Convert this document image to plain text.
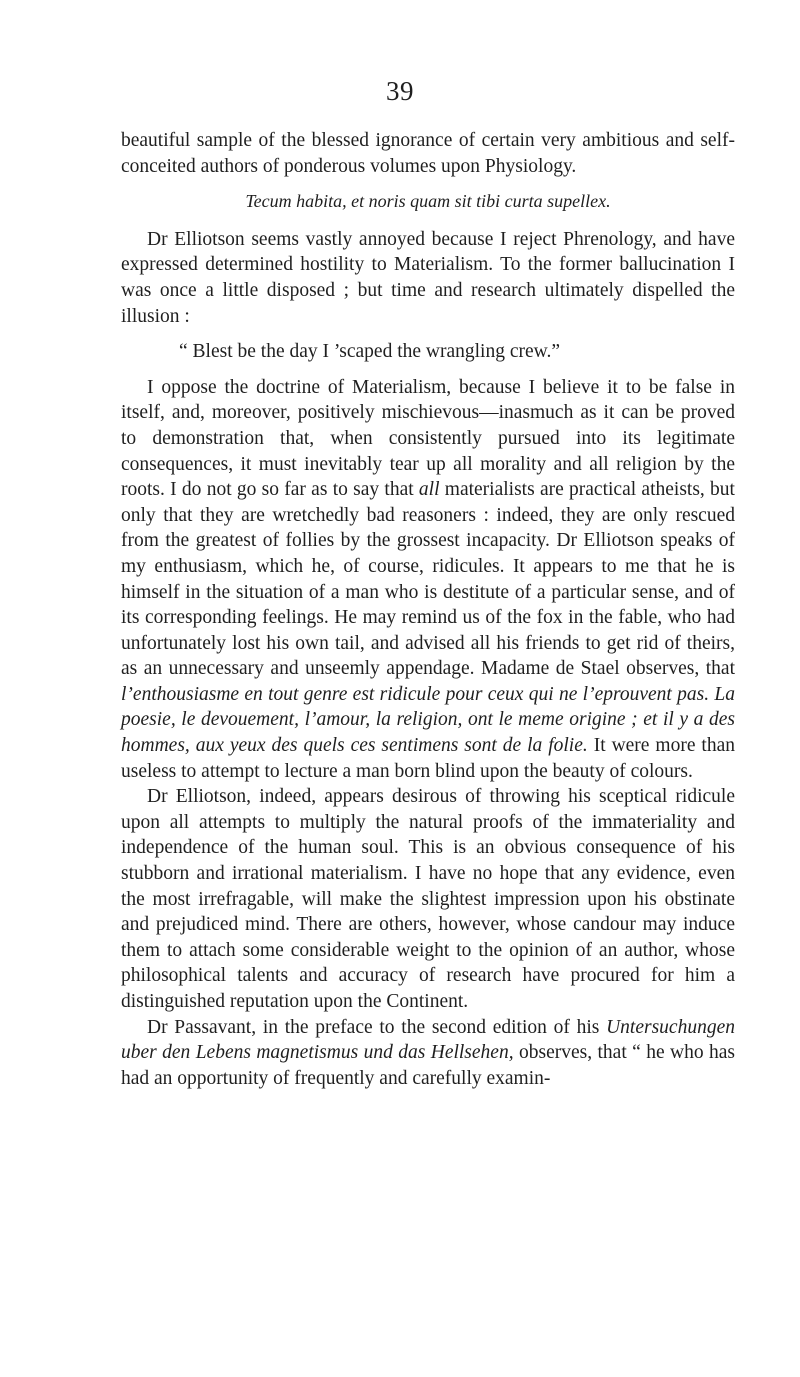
39

beautiful sample of the blessed ignorance of certain very ambitious and self-conceited authors of ponderous volumes upon Physiology.

Tecum habita, et noris quam sit tibi curta supellex.

Dr Elliotson seems vastly annoyed because I reject Phrenology, and have expressed determined hostility to Materialism. To the former ballucination I was once a little disposed ; but time and research ultimately dispelled the illusion :

“ Blest be the day I ’scaped the wrangling crew.”

I oppose the doctrine of Materialism, because I believe it to be false in itself, and, moreover, positively mischievous—inasmuch as it can be proved to demonstration that, when consistently pursued into its legitimate consequences, it must inevitably tear up all morality and all religion by the roots. I do not go so far as to say that all materialists are practical atheists, but only that they are wretchedly bad reasoners : indeed, they are only rescued from the greatest of follies by the grossest incapacity. Dr Elliotson speaks of my enthusiasm, which he, of course, ridicules. It appears to me that he is himself in the situation of a man who is destitute of a particular sense, and of its corresponding feelings. He may remind us of the fox in the fable, who had unfortunately lost his own tail, and advised all his friends to get rid of theirs, as an unnecessary and unseemly appendage. Madame de Stael observes, that l’enthousiasme en tout genre est ridicule pour ceux qui ne l’eprouvent pas. La poesie, le devouement, l’amour, la religion, ont le meme origine ; et il y a des hommes, aux yeux des quels ces sentimens sont de la folie. It were more than useless to attempt to lecture a man born blind upon the beauty of colours.

Dr Elliotson, indeed, appears desirous of throwing his sceptical ridicule upon all attempts to multiply the natural proofs of the immateriality and independence of the human soul. This is an obvious consequence of his stubborn and irrational materialism. I have no hope that any evidence, even the most irrefragable, will make the slightest impression upon his obstinate and prejudiced mind. There are others, however, whose candour may induce them to attach some considerable weight to the opinion of an author, whose philosophical talents and accuracy of research have procured for him a distinguished reputation upon the Continent.

Dr Passavant, in the preface to the second edition of his Untersuchungen uber den Lebens magnetismus und das Hellsehen, observes, that “ he who has had an opportunity of frequently and carefully examin-
